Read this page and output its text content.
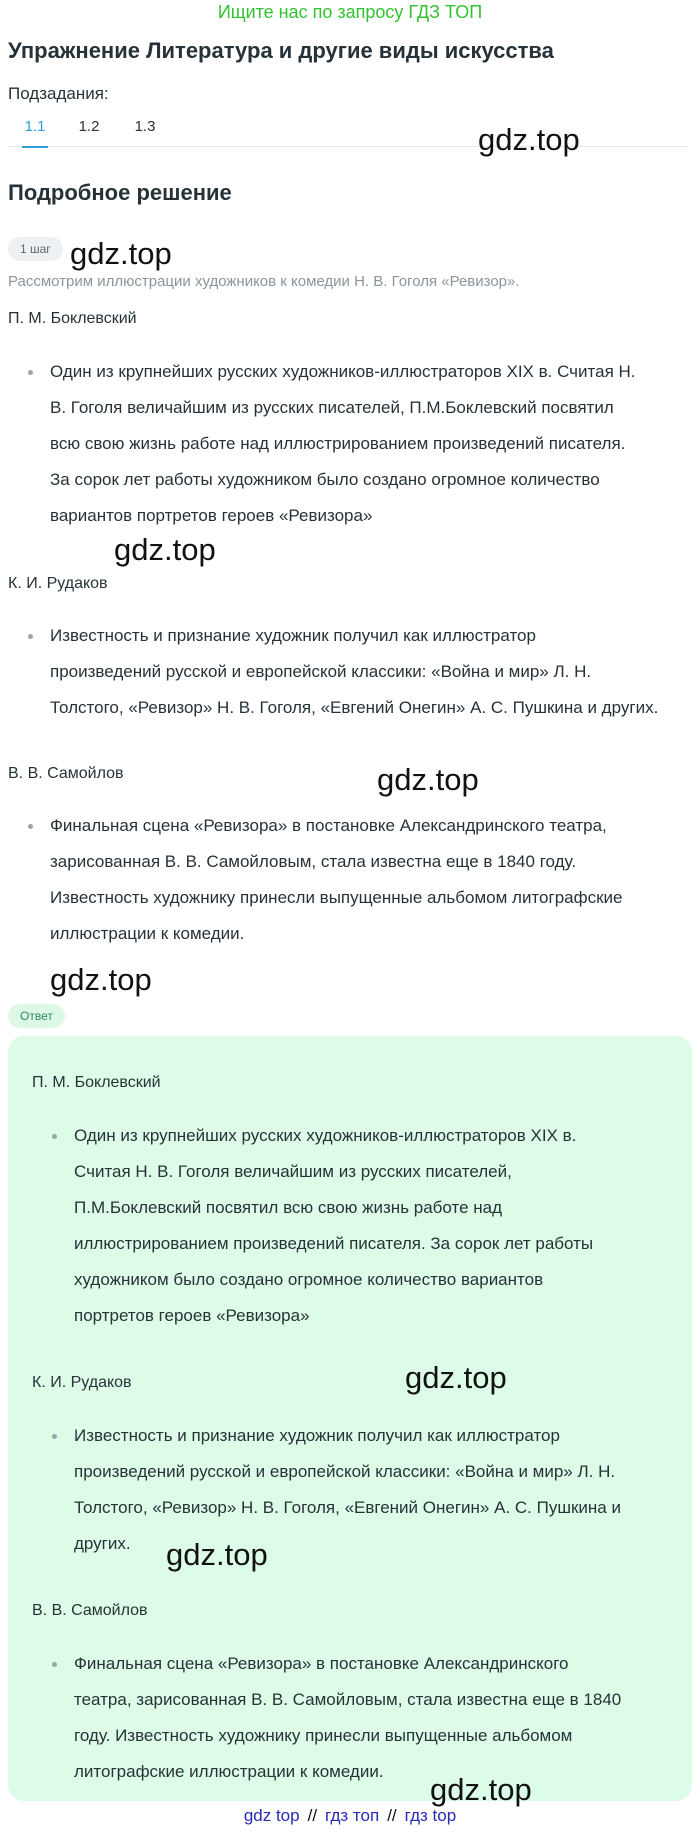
Ищите нас по запросу ГДЗ ТОП
Упражнение Литература и другие виды искусства
Подзадания:
1.1 1.2 1.3
Подробное решение
1 шаг
Рассмотрим иллюстрации художников к комедии Н. В. Гоголя «Ревизор».
П. М. Боклевский
Один из крупнейших русских художников-иллюстраторов XIX в. Считая Н.
В. Гоголя величайшим из русских писателей, П.М.Боклевский посвятил
всю свою жизнь работе над иллюстрированием произведений писателя.
За сорок лет работы художником было создано огромное количество
вариантов портретов героев «Ревизора»
К. И. Рудаков
Известность и признание художник получил как иллюстратор
произведений русской и европейской классики: «Война и мир» Л. Н.
Толстого, «Ревизор» Н. В. Гоголя, «Евгений Онегин» А. С. Пушкина и других.
В. В. Самойлов
Финальная сцена «Ревизора» в постановке Александринского театра,
зарисованная В. В. Самойловым, стала известна еще в 1840 году.
Известность художнику принесли выпущенные альбомом литографские
иллюстрации к комедии.
Ответ
П. М. Боклевский
Один из крупнейших русских художников-иллюстраторов XIX в.
Считая Н. В. Гоголя величайшим из русских писателей,
П.М.Боклевский посвятил всю свою жизнь работе над
иллюстрированием произведений писателя. За сорок лет работы
художником было создано огромное количество вариантов
портретов героев «Ревизора»
К. И. Рудаков
Известность и признание художник получил как иллюстратор
произведений русской и европейской классики: «Война и мир» Л. Н.
Толстого, «Ревизор» Н. В. Гоголя, «Евгений Онегин» А. С. Пушкина и
других.
В. В. Самойлов
Финальная сцена «Ревизора» в постановке Александринского
театра, зарисованная В. В. Самойловым, стала известна еще в 1840
году. Известность художнику принесли выпущенные альбомом
литографские иллюстрации к комедии.
gdz.top
gdz.top
gdz.top
gdz.top
gdz.top
gdz.top
gdz.top
gdz.top
gdz top // гдз топ // гдз top
